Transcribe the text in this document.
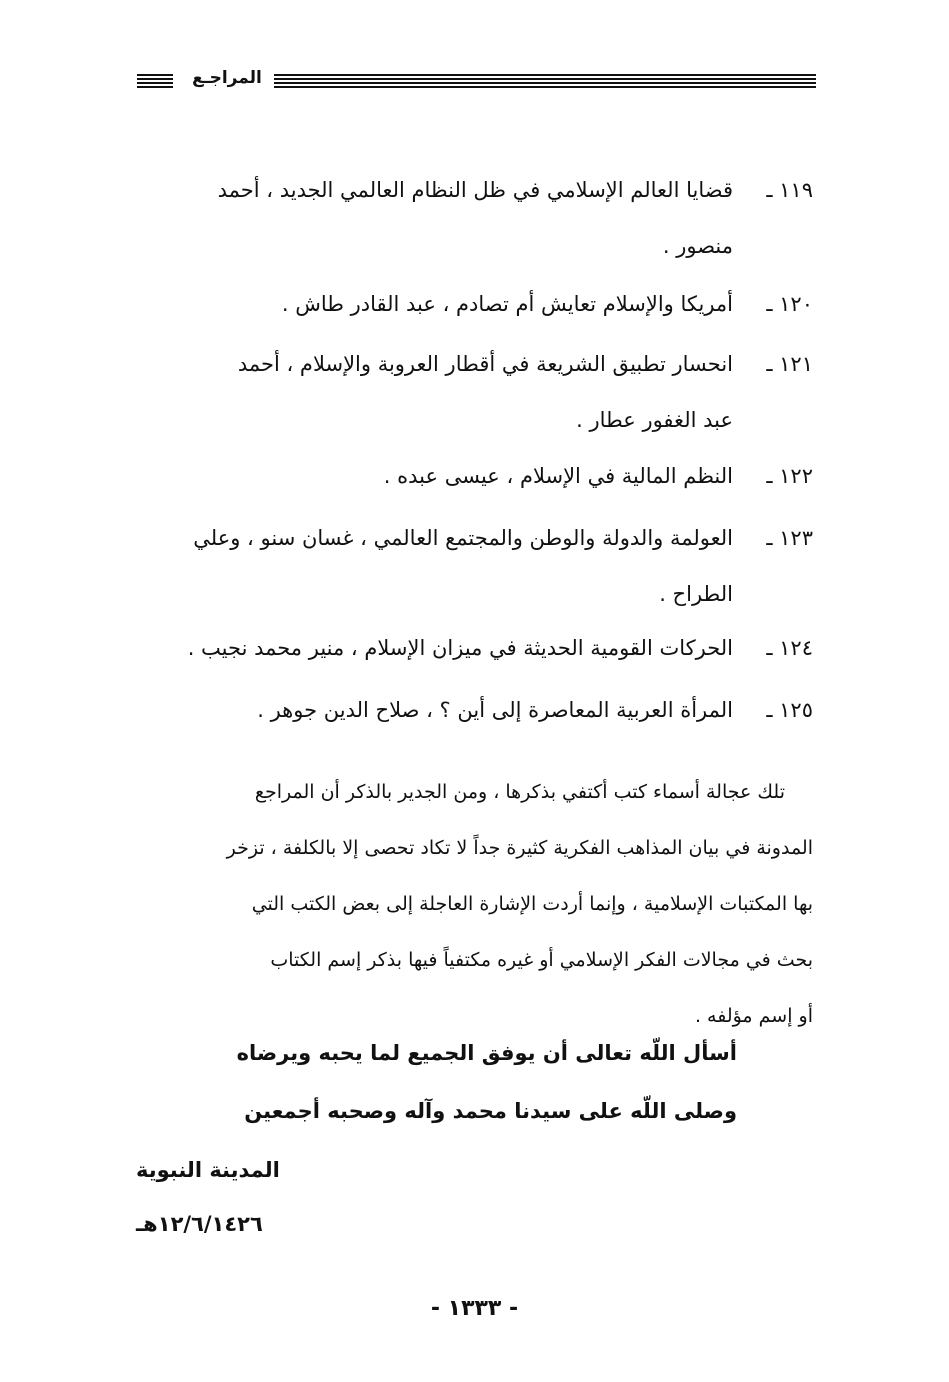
المراجـع
١١٩ ـ
قضايا العالم الإسلامي في ظل النظام العالمي الجديد ، أحمد
منصور .
١٢٠ ـ
أمريكا والإسلام تعايش أم تصادم ، عبد القادر طاش .
١٢١ ـ
انحسار تطبيق الشريعة في أقطار العروبة والإسلام ، أحمد
عبد الغفور عطار .
١٢٢ ـ
النظم المالية في الإسلام ، عيسى عبده .
١٢٣ ـ
العولمة والدولة والوطن والمجتمع العالمي ، غسان سنو ، وعلي
الطراح .
١٢٤ ـ
الحركات القومية الحديثة في ميزان الإسلام ، منير محمد نجيب .
١٢٥ ـ
المرأة العربية المعاصرة إلى أين ؟ ، صلاح الدين جوهر .
تلك عجالة أسماء كتب أكتفي بذكرها ، ومن الجدير بالذكر أن المراجع
المدونة في بيان المذاهب الفكرية كثيرة جداً لا تكاد تحصى إلا بالكلفة ، تزخر
بها المكتبات الإسلامية ، وإنما أردت الإشارة العاجلة إلى بعض الكتب التي
بحث في مجالات الفكر الإسلامي أو غيره مكتفياً فيها بذكر إسم الكتاب
أو إسم مؤلفه .
أسأل اللّه تعالى أن يوفق الجميع لما يحبه ويرضاه
وصلى اللّه على سيدنا محمد وآله وصحبه أجمعين
المدينة النبوية
١٢/٦/١٤٢٦هـ
- ١٣٣٣ -
